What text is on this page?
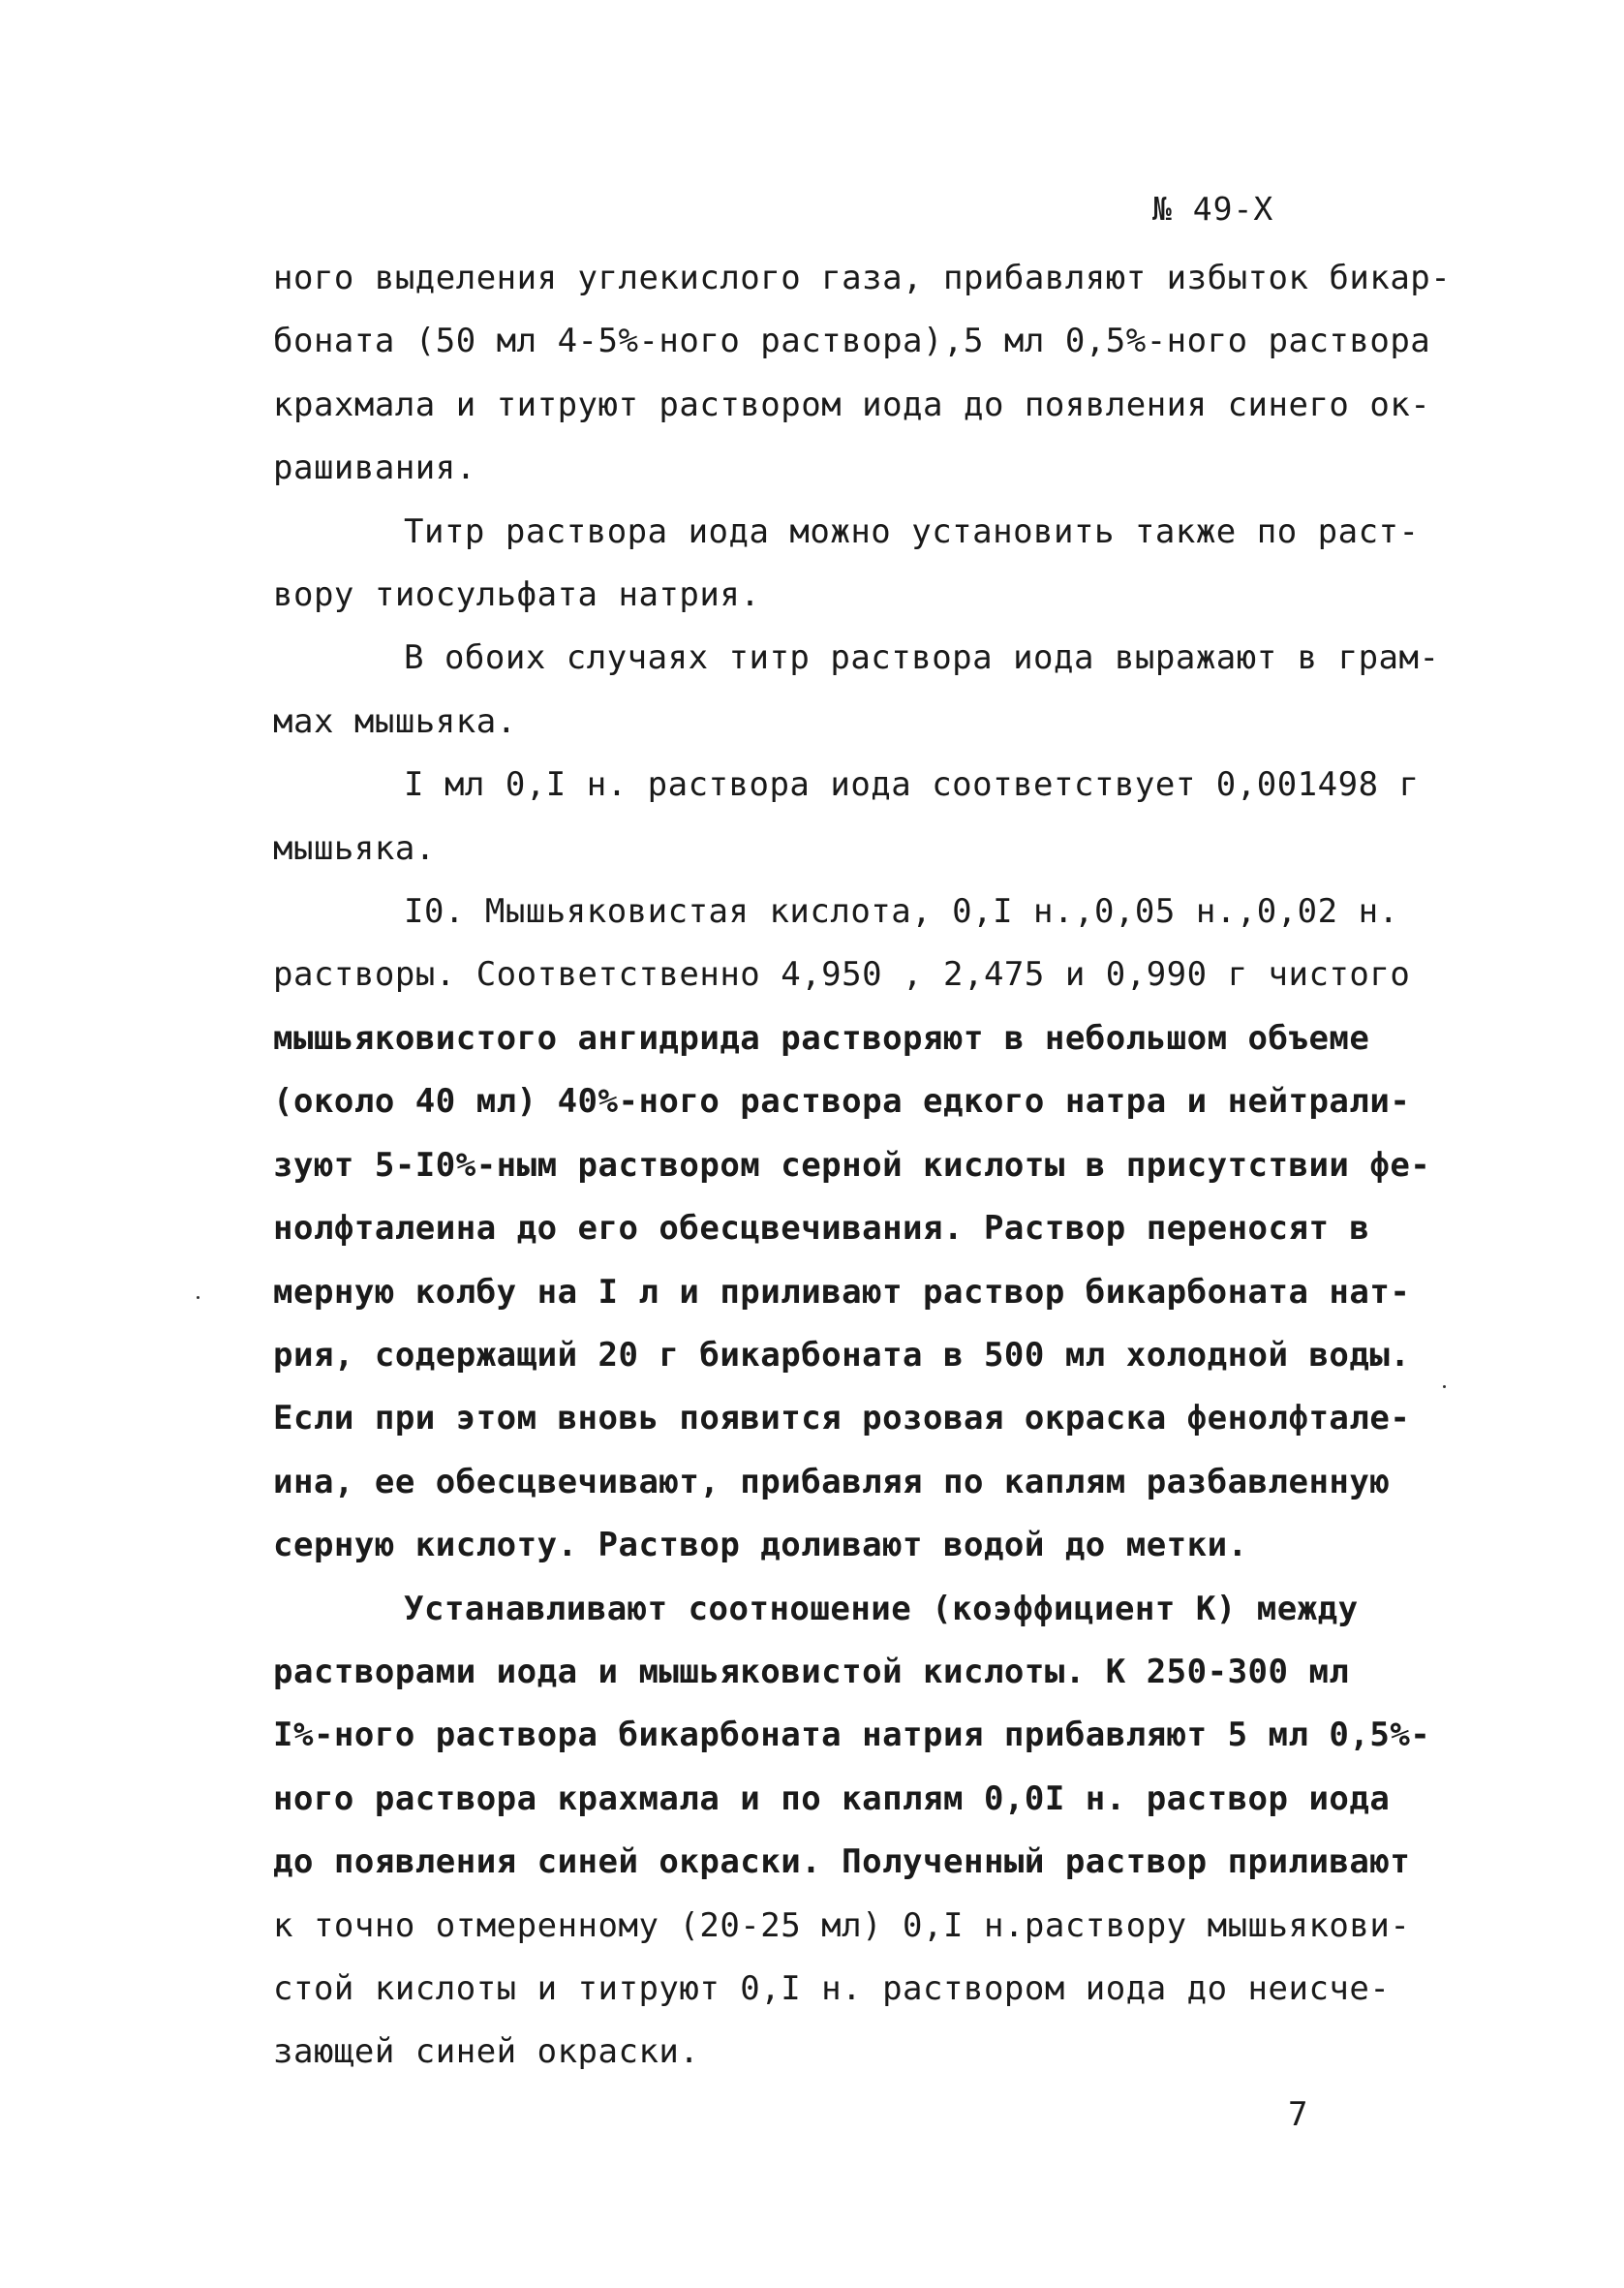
№ 49-Х
ного выделения углекислого газа, прибавляют избыток бикар-
боната (50 мл 4-5%-ного раствора),5 мл 0,5%-ного раствора
крахмала и титруют раствором иода до появления синего ок-
рашивания.
Титр раствора иода можно установить также по раст-
вору тиосульфата натрия.
В обоих случаях титр раствора иода выражают в грам-
мах мышьяка.
I мл 0,I н. раствора иода соответствует 0,001498 г
мышьяка.
I0. Мышьяковистая кислота, 0,I н.,0,05 н.,0,02 н.
растворы. Соответственно 4,950 , 2,475 и 0,990 г чистого
мышьяковистого ангидрида растворяют в небольшом объеме
(около 40 мл) 40%-ного раствора едкого натра и нейтрали-
зуют 5-I0%-ным раствором серной кислоты в присутствии фе-
нолфталеина до его обесцвечивания. Раствор переносят в
мерную колбу на I л и приливают раствор бикарбоната нат-
рия, содержащий 20 г бикарбоната в 500 мл холодной воды.
Если при этом вновь появится розовая окраска фенолфтале-
ина, ее обесцвечивают, прибавляя по каплям разбавленную
серную кислоту. Раствор доливают водой до метки.
Устанавливают соотношение (коэффициент К) между
растворами иода и мышьяковистой кислоты. К 250-300 мл
I%-ного раствора бикарбоната натрия прибавляют 5 мл 0,5%-
ного раствора крахмала и по каплям 0,0I н. раствор иода
до появления синей окраски. Полученный раствор приливают
к точно отмеренному (20-25 мл) 0,I н.раствору мышьякови-
стой кислоты и титруют 0,I н. раствором иода до неисче-
зающей синей окраски.
7
